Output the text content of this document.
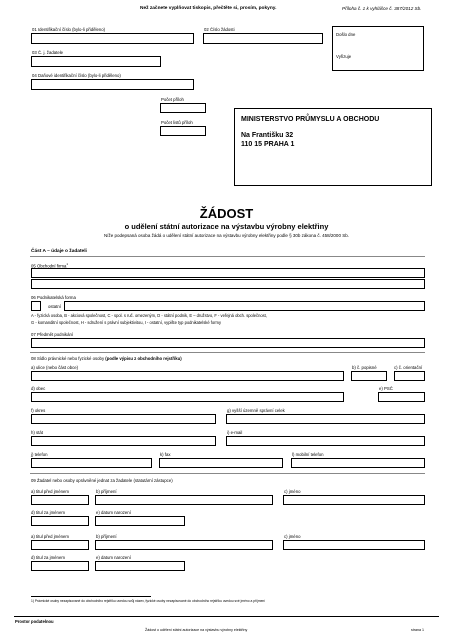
Než začnete vyplňovat tiskopis, přečtěte si, prosím, pokyny.	Příloha č. 1 k vyhlášce č. 387/2012 Sb.
01 Identifikační číslo (bylo-li přiděleno)	02 Číslo žádosti
Došlo dne
Vyřizuje
03 Č. j. žadatele
04 Daňové identifikační číslo (bylo-li přiděleno)
Počet příloh
Počet listů příloh	MINISTERSTVO PRŮMYSLU A OBCHODU
Na Františku 32
110 15 PRAHA 1
ŽÁDOST
o udělení státní autorizace na výstavbu výrobny elektřiny
Níže podepsaná osoba žádá o udělení státní autorizace na výstavbu výrobny elektřiny podle § 30b zákona č. 458/2000 Sb.
Část A – údaje o žadateli
05 Obchodní firma$^1$
06 Podnikatelská forma
ostatní
A - fyzická osoba, B - akciová společnost, C - spol. s ruč. omezeným, D - státní podnik, E – družstvo, F - veřejná obch. společnost,
G - komanditní společnost, H - sdružení s právní subjektivitou, I - ostatní, vypište typ podnikatelské formy
07 Předmět podnikání
08 Sídlo právnické nebo fyzické osoby (podle výpisu z obchodního rejstříku)
a) ulice (nebo část obce)	b) č. popisné	c) č. orientační
d) obec	e) PSČ
f) okres	g) vyšší územně správní celek
h) stát	i) e-mail
j) telefon	k) fax	l) mobilní telefon
09 Žadatel nebo osoby oprávněné jednat za žadatele (statutární zástupce)
a) titul před jménem	b) příjmení	c) jméno
d) titul za jménem	e) datum narození
a) titul před jménem	b) příjmení	c) jméno
d) titul za jménem	e) datum narození
1) Právnické osoby nezapisované do obchodního rejstříku uvedou svůj název, fyzické osoby nezapisované do obchodního rejstříku uvedou své jméno a příjmení
Prostor podatelnou
Žádost o udělení státní autorizace na výstavbu výrobny elektřiny	strana 1
